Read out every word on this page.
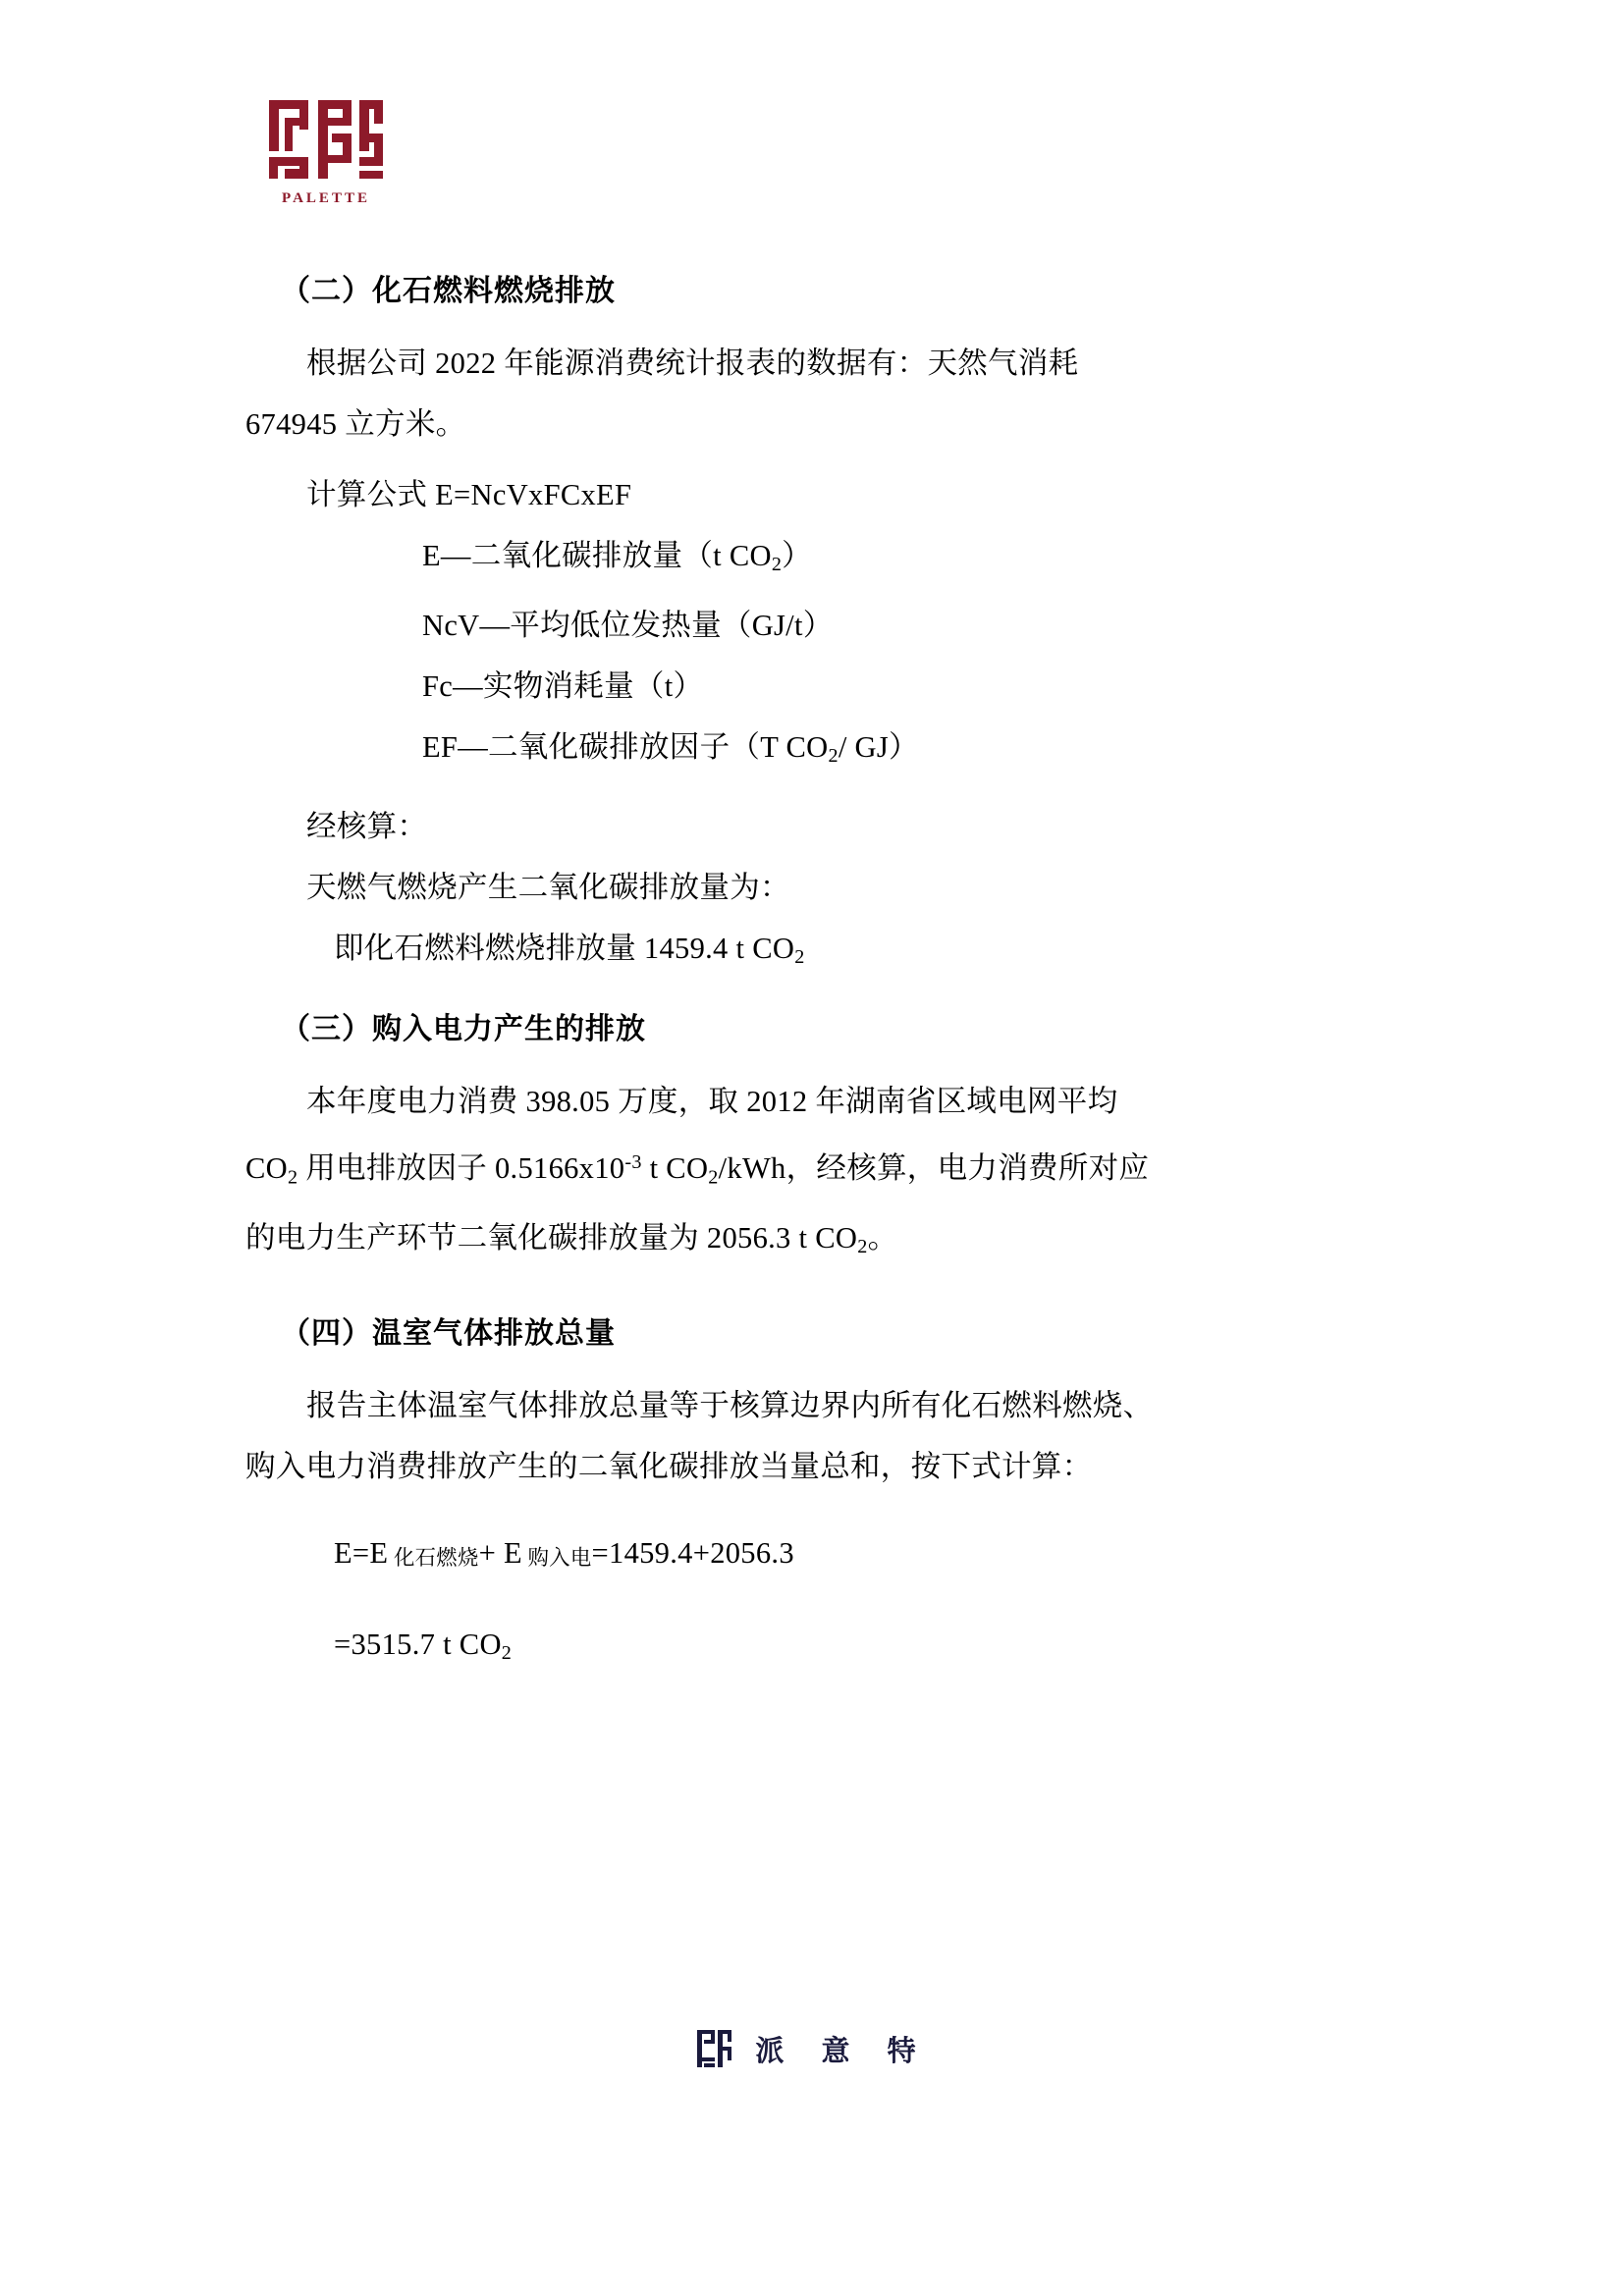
PALETTE

（二）化石燃料燃烧排放

根据公司 2022 年能源消费统计报表的数据有：天然气消耗

674945 立方米。

计算公式 E=NcVxFCxEF

E—二氧化碳排放量（t $CO_2$）

NcV—平均低位发热量（GJ/t）

Fc—实物消耗量（t）

EF—二氧化碳排放因子（T $CO_2/$ GJ）

经核算：

天燃气燃烧产生二氧化碳排放量为：

即化石燃料燃烧排放量 1459.4 t $CO_2$

（三）购入电力产生的排放

本年度电力消费 398.05 万度，取 2012 年湖南省区域电网平均

$CO_2$ 用电排放因子 $0.5166x10^{-3}$ t $CO_2$/kWh，经核算，电力消费所对应

的电力生产环节二氧化碳排放量为 2056.3 t $CO_2$。

（四）温室气体排放总量

报告主体温室气体排放总量等于核算边界内所有化石燃料燃烧、

购入电力消费排放产生的二氧化碳排放当量总和，按下式计算：

E=E 化石燃烧+ E 购入电=1459.4+2056.3

=3515.7 t $CO_2$

派 意 特
